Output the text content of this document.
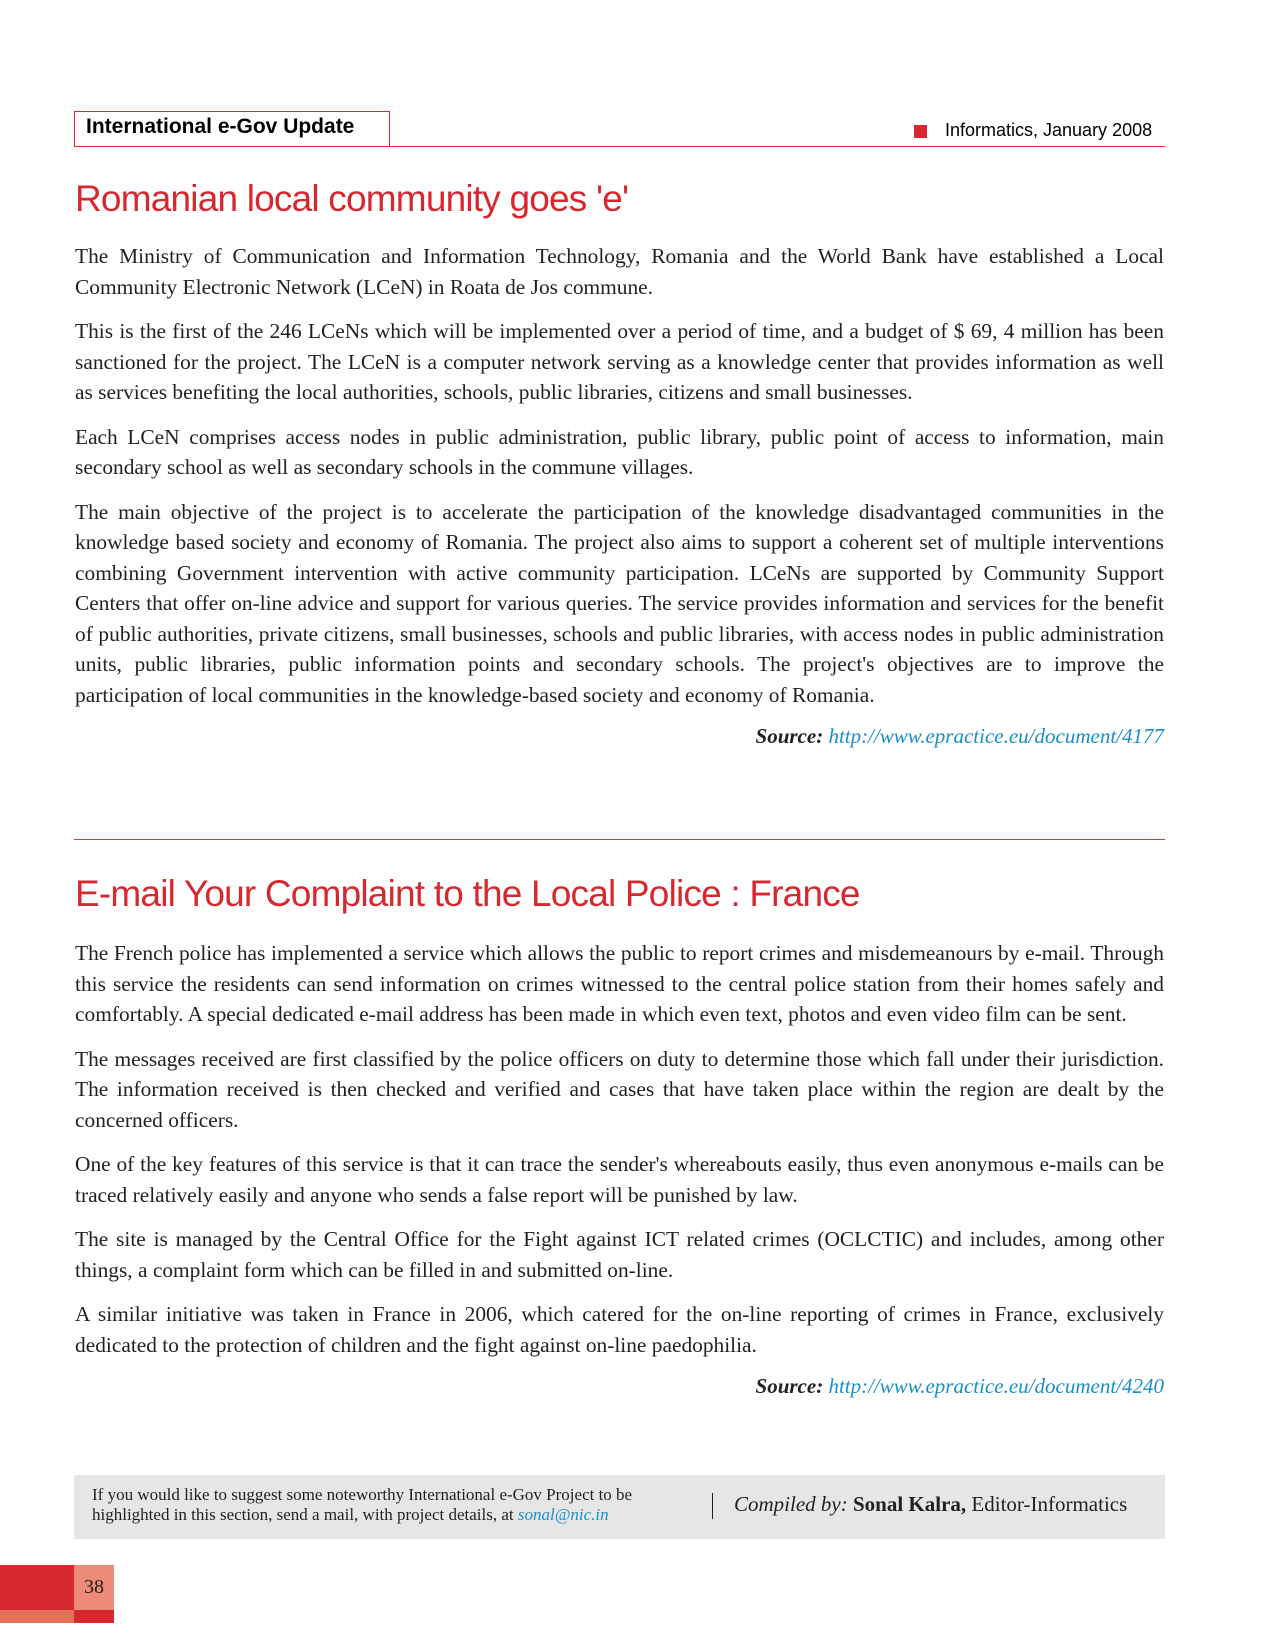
International e-Gov Update	Informatics, January 2008
Romanian local community goes 'e'

The Ministry of Communication and Information Technology, Romania and the World Bank have established a Local Community Electronic Network (LCeN) in Roata de Jos commune.

This is the first of the 246 LCeNs which will be implemented over a period of time, and a budget of $ 69, 4 million has been sanctioned for the project. The LCeN is a computer network serving as a knowledge center that provides information as well as services benefiting the local authorities, schools, public libraries, citizens and small businesses.

Each LCeN comprises access nodes in public administration, public library, public point of access to information, main secondary school as well as secondary schools in the commune villages.

The main objective of the project is to accelerate the participation of the knowledge disadvantaged communities in the knowledge based society and economy of Romania. The project also aims to support a coherent set of multiple interventions combining Government intervention with active community participation. LCeNs are supported by Community Support Centers that offer on-line advice and support for various queries. The service provides information and services for the benefit of public authorities, private citizens, small businesses, schools and public libraries, with access nodes in public administration units, public libraries, public information points and secondary schools. The project's objectives are to improve the participation of local communities in the knowledge-based society and economy of Romania.

Source: http://www.epractice.eu/document/4177

E-mail Your Complaint to the Local Police : France

The French police has implemented a service which allows the public to report crimes and misdemeanours by e-mail. Through this service the residents can send information on crimes witnessed to the central police station from their homes safely and comfortably. A special dedicated e-mail address has been made in which even text, photos and even video film can be sent.

The messages received are first classified by the police officers on duty to determine those which fall under their jurisdiction. The information received is then checked and verified and cases that have taken place within the region are dealt by the concerned officers.

One of the key features of this service is that it can trace the sender's whereabouts easily, thus even anonymous e-mails can be traced relatively easily and anyone who sends a false report will be punished by law.

The site is managed by the Central Office for the Fight against ICT related crimes (OCLCTIC) and includes, among other things, a complaint form which can be filled in and submitted on-line.

A similar initiative was taken in France in 2006, which catered for the on-line reporting of crimes in France, exclusively dedicated to the protection of children and the fight against on-line paedophilia.

Source: http://www.epractice.eu/document/4240

If you would like to suggest some noteworthy International e-Gov Project to be highlighted in this section, send a mail, with project details, at sonal@nic.in	Compiled by: Sonal Kalra, Editor-Informatics
38
